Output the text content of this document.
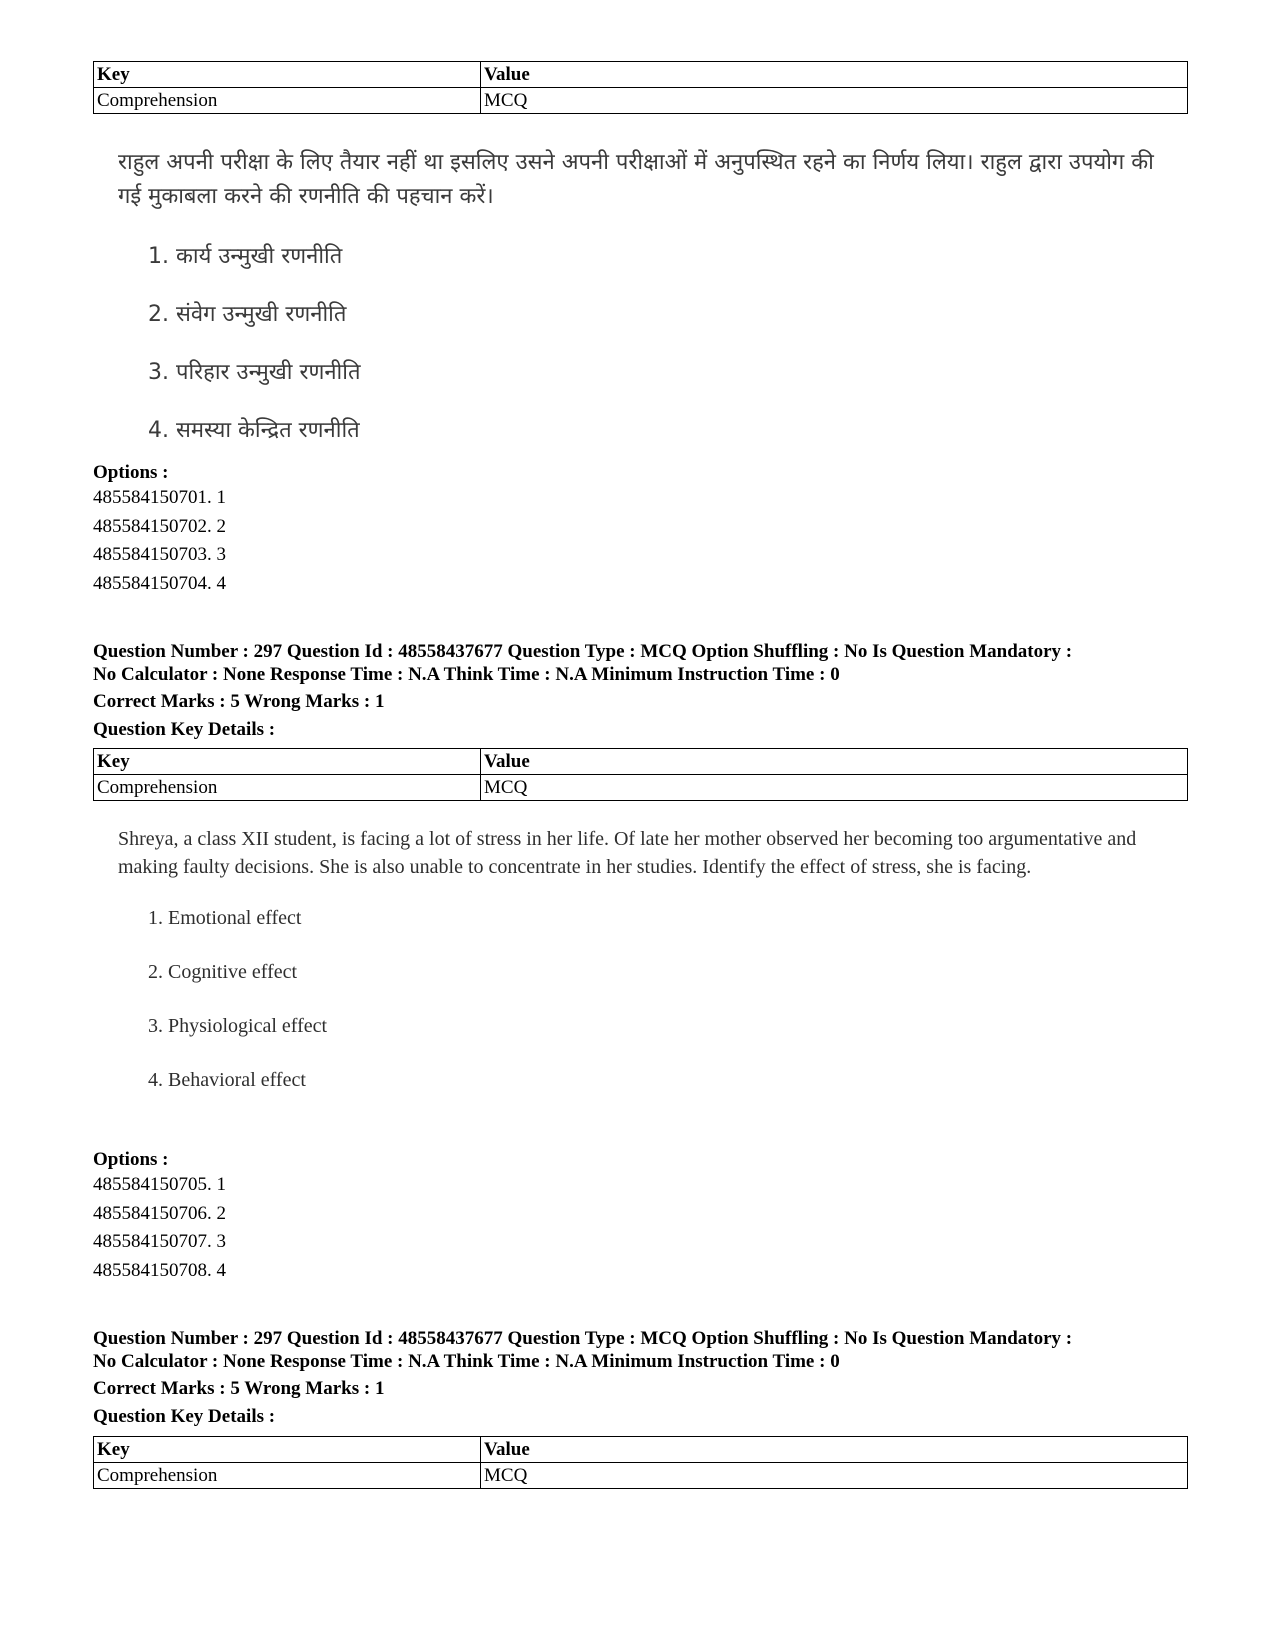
Key	Value
Comprehension	MCQ
राहुल अपनी परीक्षा के लिए तैयार नहीं था इसलिए उसने अपनी परीक्षाओं में अनुपस्थित रहने का निर्णय लिया। राहुल द्वारा उपयोग की गई मुकाबला करने की रणनीति की पहचान करें।
1. कार्य उन्मुखी रणनीति
2. संवेग उन्मुखी रणनीति
3. परिहार उन्मुखी रणनीति
4. समस्या केन्द्रित रणनीति
Options :
485584150701. 1
485584150702. 2
485584150703. 3
485584150704. 4
Question Number : 297 Question Id : 48558437677 Question Type : MCQ Option Shuffling : No Is Question Mandatory :
No Calculator : None Response Time : N.A Think Time : N.A Minimum Instruction Time : 0
Correct Marks : 5 Wrong Marks : 1
Question Key Details :
Key	Value
Comprehension	MCQ
Shreya, a class XII student, is facing a lot of stress in her life. Of late her mother observed her becoming too argumentative and making faulty decisions. She is also unable to concentrate in her studies. Identify the effect of stress, she is facing.
1. Emotional effect
2. Cognitive effect
3. Physiological effect
4. Behavioral effect
Options :
485584150705. 1
485584150706. 2
485584150707. 3
485584150708. 4
Question Number : 297 Question Id : 48558437677 Question Type : MCQ Option Shuffling : No Is Question Mandatory :
No Calculator : None Response Time : N.A Think Time : N.A Minimum Instruction Time : 0
Correct Marks : 5 Wrong Marks : 1
Question Key Details :
Key	Value
Comprehension	MCQ
